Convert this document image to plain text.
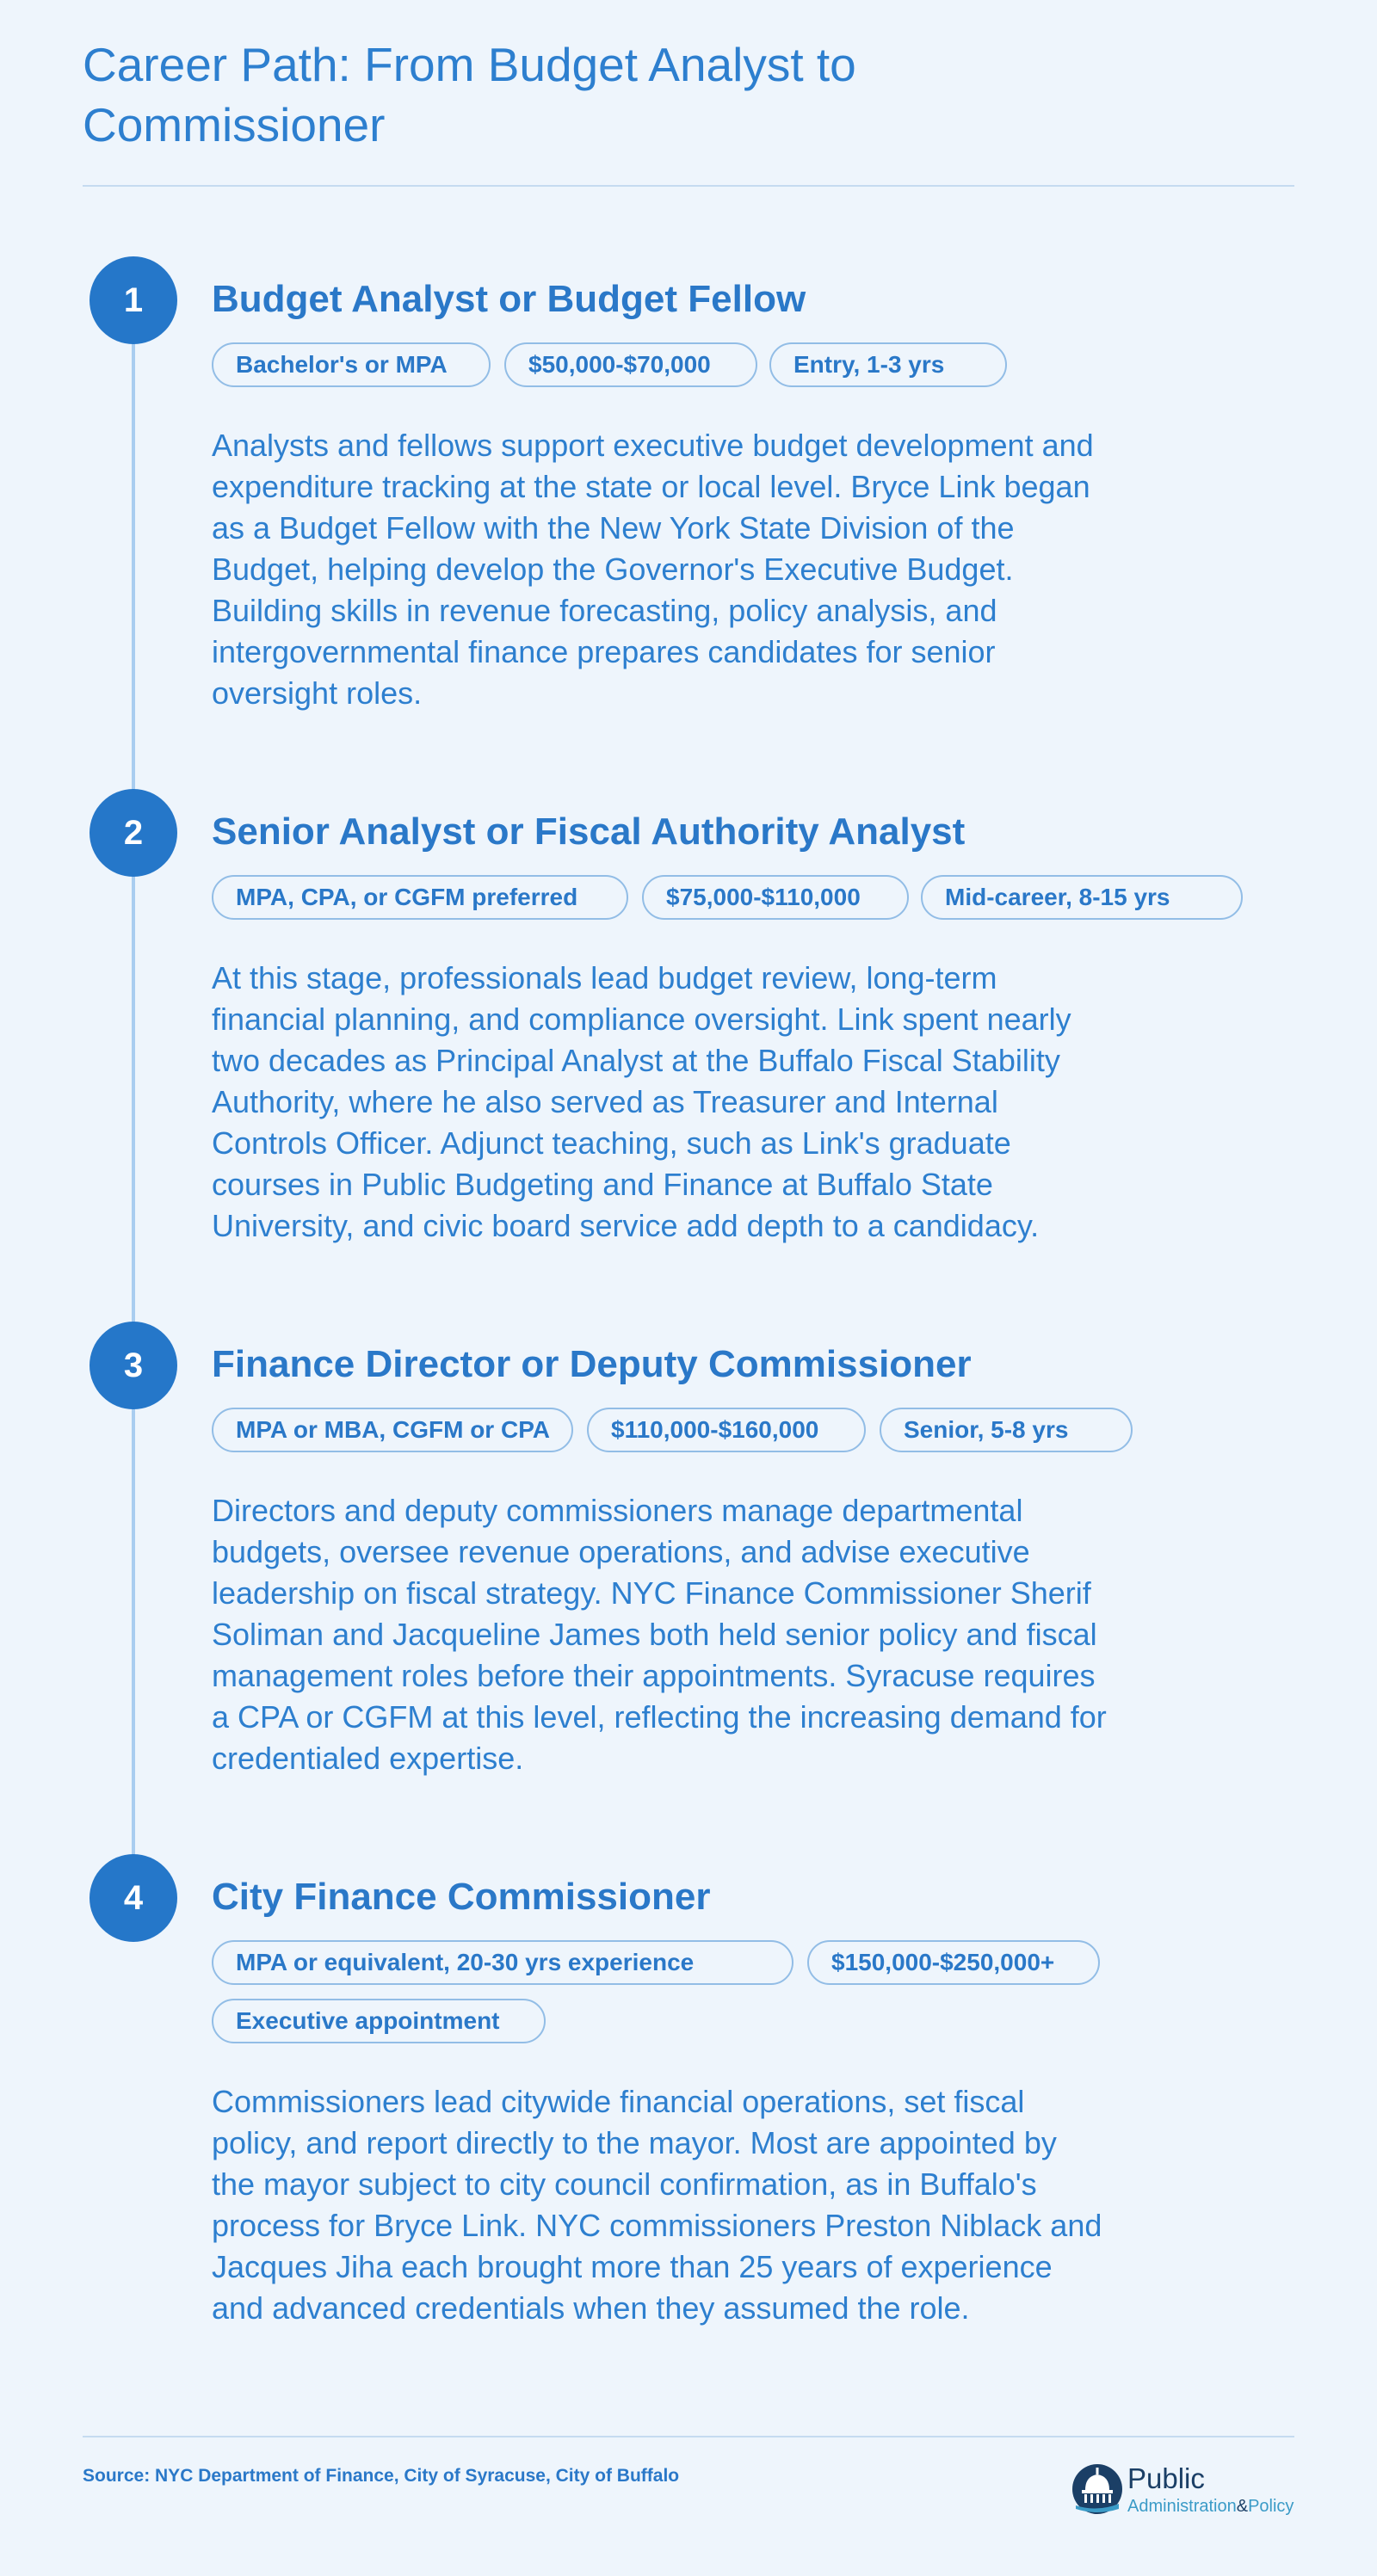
Career Path: From Budget Analyst to Commissioner
1	Budget Analyst or Budget Fellow
Bachelor's or MPA	$50,000-$70,000	Entry, 1-3 yrs

Analysts and fellows support executive budget development and expenditure tracking at the state or local level. Bryce Link began as a Budget Fellow with the New York State Division of the Budget, helping develop the Governor's Executive Budget. Building skills in revenue forecasting, policy analysis, and intergovernmental finance prepares candidates for senior oversight roles.

2	Senior Analyst or Fiscal Authority Analyst
MPA, CPA, or CGFM preferred	$75,000-$110,000	Mid-career, 8-15 yrs

At this stage, professionals lead budget review, long-term financial planning, and compliance oversight. Link spent nearly two decades as Principal Analyst at the Buffalo Fiscal Stability Authority, where he also served as Treasurer and Internal Controls Officer. Adjunct teaching, such as Link's graduate courses in Public Budgeting and Finance at Buffalo State University, and civic board service add depth to a candidacy.

3	Finance Director or Deputy Commissioner
MPA or MBA, CGFM or CPA	$110,000-$160,000	Senior, 5-8 yrs

Directors and deputy commissioners manage departmental budgets, oversee revenue operations, and advise executive leadership on fiscal strategy. NYC Finance Commissioner Sherif Soliman and Jacqueline James both held senior policy and fiscal management roles before their appointments. Syracuse requires a CPA or CGFM at this level, reflecting the increasing demand for credentialed expertise.

4	City Finance Commissioner
MPA or equivalent, 20-30 yrs experience	$150,000-$250,000+
Executive appointment

Commissioners lead citywide financial operations, set fiscal policy, and report directly to the mayor. Most are appointed by the mayor subject to city council confirmation, as in Buffalo's process for Bryce Link. NYC commissioners Preston Niblack and Jacques Jiha each brought more than 25 years of experience and advanced credentials when they assumed the role.

Source: NYC Department of Finance, City of Syracuse, City of Buffalo	Public
Administration&Policy
